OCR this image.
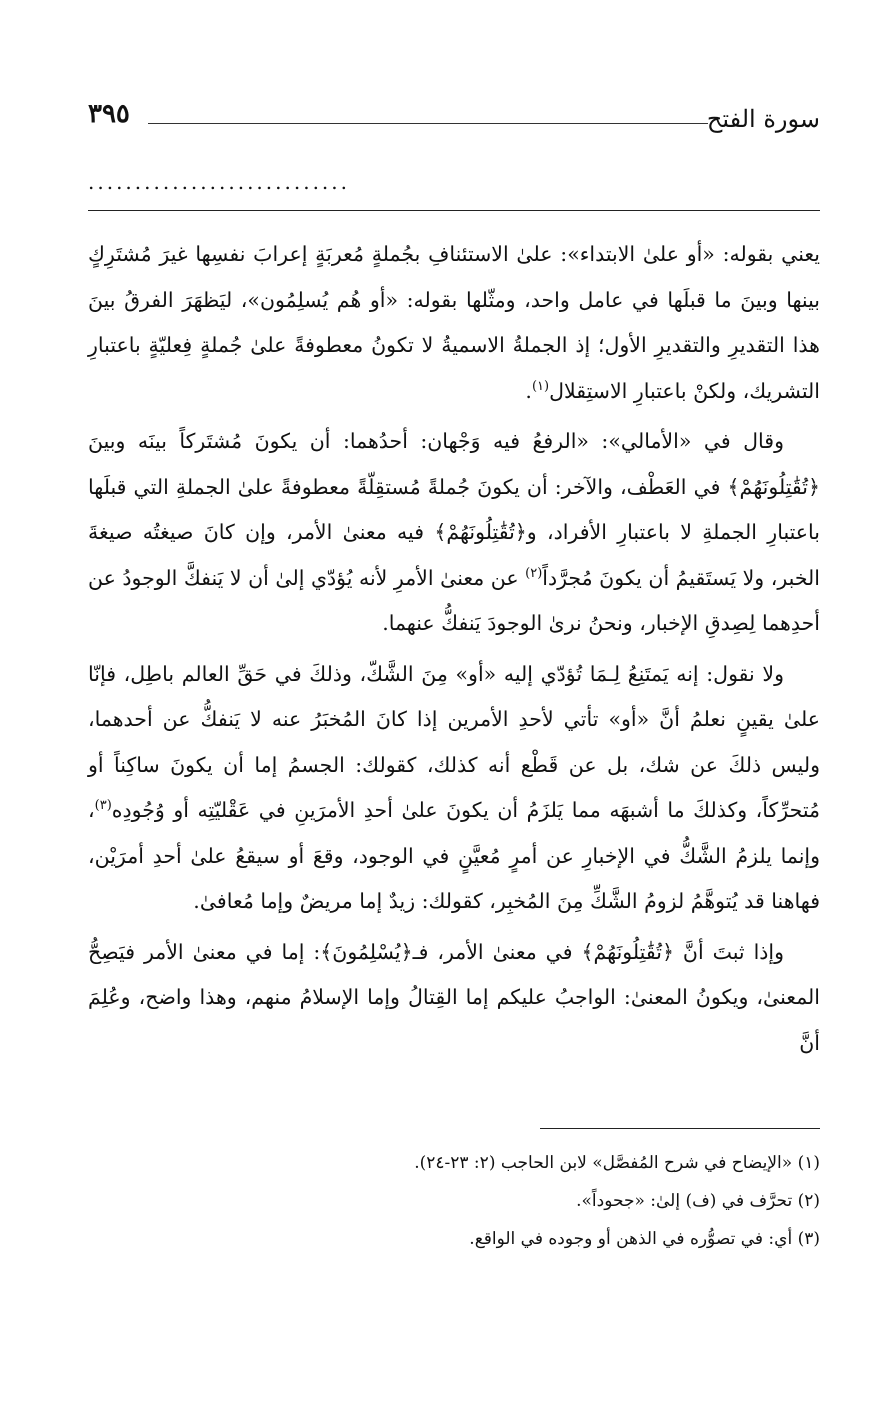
٣٩٥	سورة الفتح
............................

يعني بقوله: «أو علىٰ الابتداء»: علىٰ الاستئنافِ بجُملةٍ مُعربَةٍ إعرابَ نفسِها غيرَ مُشتَرِكٍ بينها وبينَ ما قبلَها في عامل واحد، ومثّلها بقوله: «أو هُم يُسلِمُون»، ليَظهَرَ الفرقُ بينَ هذا التقديرِ والتقديرِ الأول؛ إذ الجملةُ الاسميةُ لا تكونُ معطوفةً علىٰ جُملةٍ فِعليّةٍ باعتبارِ التشريك، ولكنْ باعتبارِ الاستِقلال$^{(١)}$.

وقال في «الأمالي»: «الرفعُ فيه وَجْهان: أحدُهما: أن يكونَ مُشتَركاً بينَه وبينَ ﴿تُقَٰتِلُونَهُمْ﴾ في العَطْف، والآخر: أن يكونَ جُملةً مُستقِلّةً معطوفةً علىٰ الجملةِ التي قبلَها باعتبارِ الجملةِ لا باعتبارِ الأفراد، و﴿تُقَٰتِلُونَهُمْ﴾ فيه معنىٰ الأمر، وإن كانَ صيغتُه صيغةَ الخبر، ولا يَستَقيمُ أن يكونَ مُجرَّداً$^{(٢)}$ عن معنىٰ الأمرِ لأنه يُؤدّي إلىٰ أن لا يَنفكَّ الوجودُ عن أحدِهما لِصِدقِ الإخبار، ونحنُ نرىٰ الوجودَ يَنفكُّ عنهما.

ولا نقول: إنه يَمتَنِعُ لِـمَا تُؤدّي إليه «أو» مِنَ الشَّكّ، وذلكَ في حَقِّ العالم باطِل، فإنّا علىٰ يقينٍ نعلمُ أنَّ «أو» تأتي لأحدِ الأمرين إذا كانَ المُخبَرُ عنه لا يَنفكُّ عن أحدهما، وليس ذلكَ عن شك، بل عن قَطْع أنه كذلك، كقولك: الجسمُ إما أن يكونَ ساكِناً أو مُتحرِّكاً، وكذلكَ ما أشبهَه مما يَلزَمُ أن يكونَ علىٰ أحدِ الأمرَينِ في عَقْليّتِه أو وُجُودِه$^{(٣)}$، وإنما يلزمُ الشَّكُّ في الإخبارِ عن أمرٍ مُعيَّنٍ في الوجود، وقعَ أو سيقعُ علىٰ أحدِ أمرَيْن، فهاهنا قد يُتوهَّمُ لزومُ الشَّكِّ مِنَ المُخبِر، كقولك: زيدٌ إما مريضٌ وإما مُعافىٰ.

وإذا ثبتَ أنَّ ﴿تُقَٰتِلُونَهُمْ﴾ في معنىٰ الأمر، فـ﴿يُسْلِمُونَ﴾: إما في معنىٰ الأمر فيَصِحُّ المعنىٰ، ويكونُ المعنىٰ: الواجبُ عليكم إما القِتالُ وإما الإسلامُ منهم، وهذا واضح، وعُلِمَ أنَّ

(١) «الإيضاح في شرح المُفصَّل» لابن الحاجب (٢: ٢٣-٢٤).
(٢) تحرَّف في (ف) إلىٰ: «جحوداً».
(٣) أي: في تصوُّره في الذهن أو وجوده في الواقع.
